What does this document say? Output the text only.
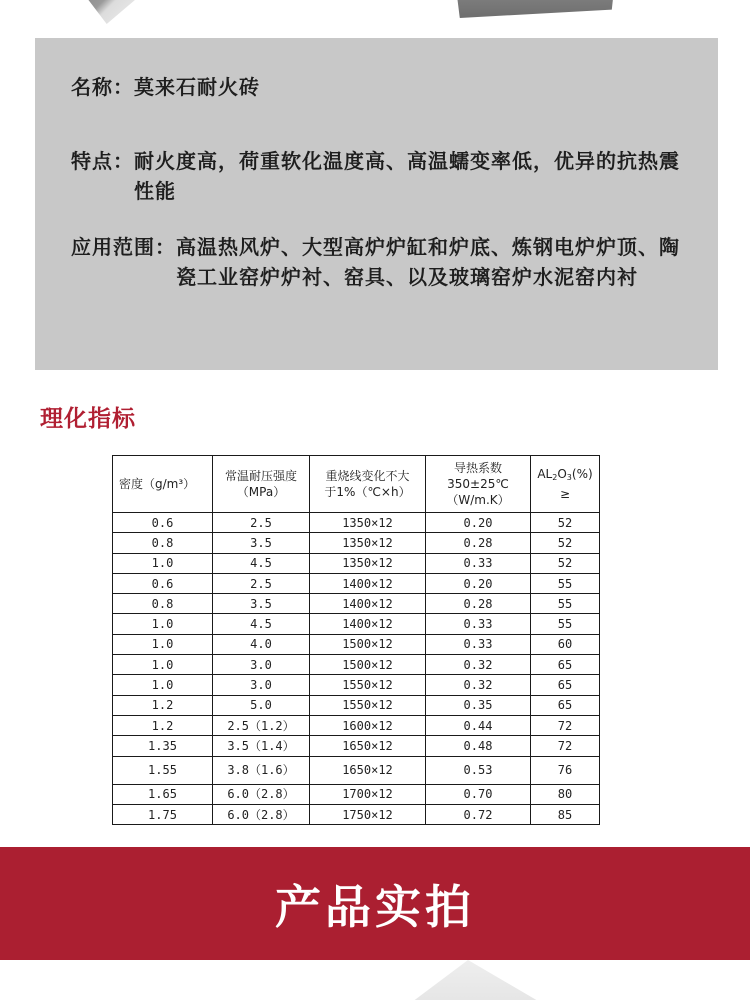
名称： 莫来石耐火砖
特点： 耐火度高，荷重软化温度高、高温蠕变率低，优异的抗热震性能
应用范围： 高温热风炉、大型高炉炉缸和炉底、炼钢电炉炉顶、陶瓷工业窑炉炉衬、窑具、以及玻璃窑炉水泥窑内衬
理化指标
密度（g/m³）	
常温耐压强度
（MPa）

重烧线变化不大
于1%（℃×h）

导热系数
350±25℃
（W/m.K）

$AL_2O_3(\%)$
≥

0.6	2.5	1350×12	0.20	52
0.8	3.5	1350×12	0.28	52
1.0	4.5	1350×12	0.33	52
0.6	2.5	1400×12	0.20	55
0.8	3.5	1400×12	0.28	55
1.0	4.5	1400×12	0.33	55
1.0	4.0	1500×12	0.33	60
1.0	3.0	1500×12	0.32	65
1.0	3.0	1550×12	0.32	65
1.2	5.0	1550×12	0.35	65
1.2	2.5（1.2）	1600×12	0.44	72
1.35	3.5（1.4）	1650×12	0.48	72
1.55	3.8（1.6）	1650×12	0.53	76
1.65	6.0（2.8）	1700×12	0.70	80
1.75	6.0（2.8）	1750×12	0.72	85
产品实拍
